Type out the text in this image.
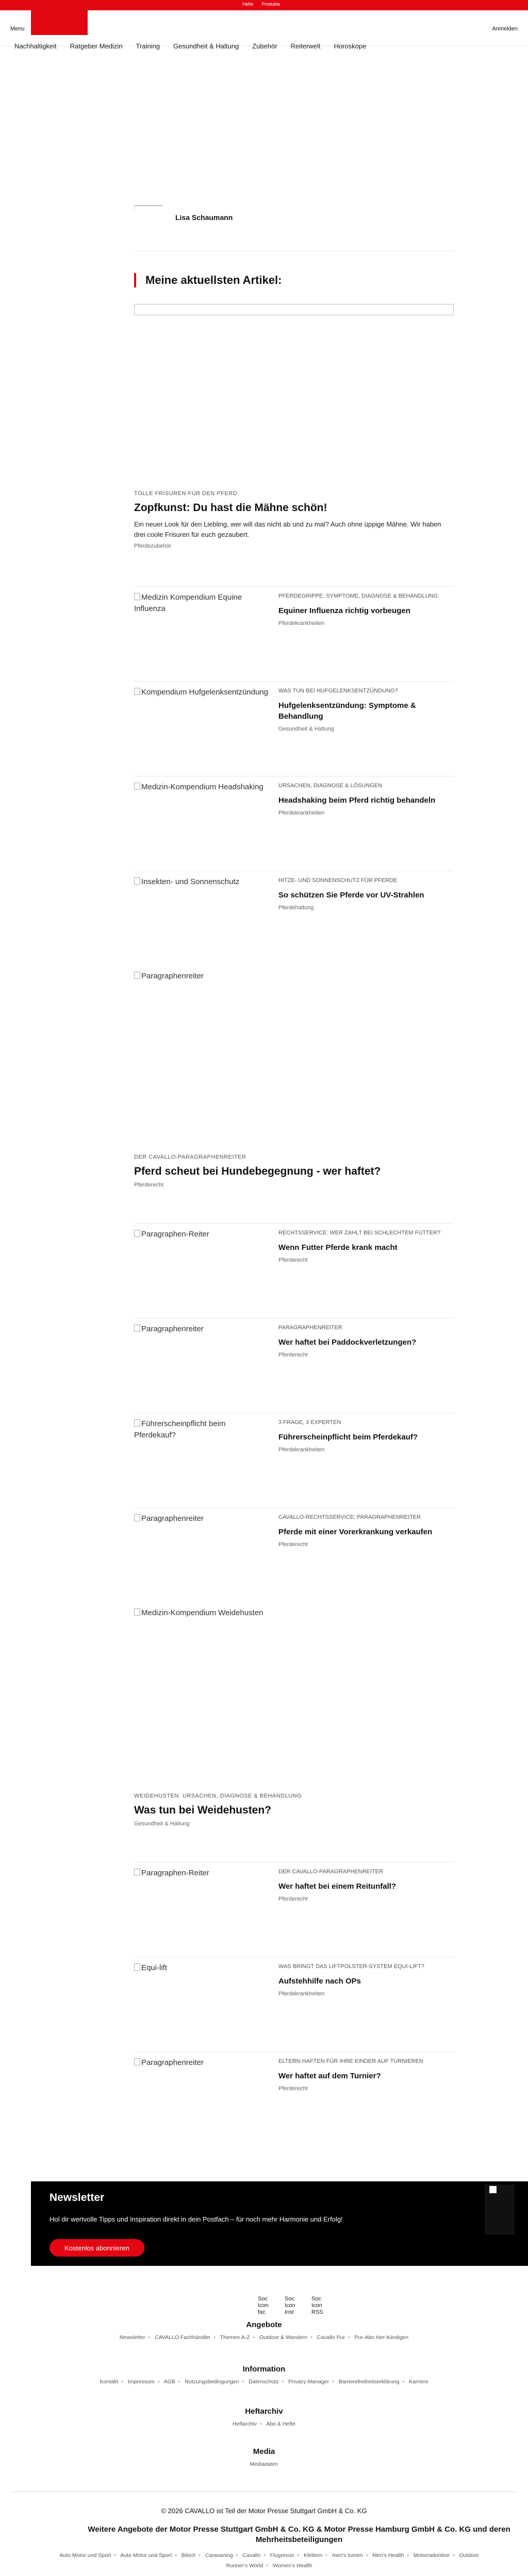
Hefte Produkte
Menu	Anmelden
Nachhaltigkeit Ratgeber Medizin Training Gesundheit & Haltung Zubehör Reiterwelt Horoskope
Lisa Schaumann
Meine aktuellsten Artikel:
TOLLE FRISUREN FÜR DEN PFERD
Zopfkunst: Du hast die Mähne schön!
Ein neuer Look für den Liebling, wer will das nicht ab und zu mal? Auch ohne üppige Mähne. Wir haben drei coole Frisuren für euch gezaubert.
Pferdezubehör
Medizin Kompendium Equine Influenza
PFERDEGRIPPE: SYMPTOME, DIAGNOSE & BEHANDLUNG
Equiner Influenza richtig vorbeugen
Pferdekrankheiten
Kompendium Hufgelenksentzündung WAS TUN BEI HUFGELENKSENTZÜNDUNG?
Hufgelenksentzündung: Symptome & Behandlung
Gesundheit & Haltung
Medizin-Kompendium Headshaking	URSACHEN, DIAGNOSE & LÖSUNGEN
Headshaking beim Pferd richtig behandeln
Pferdekrankheiten
Insekten- und Sonnenschutz	HITZE- UND SONNENSCHUTZ FÜR PFERDE
So schützen Sie Pferde vor UV-Strahlen
Pferdehaltung
Paragraphenreiter
DER CAVALLO-PARAGRAPHENREITER
Pferd scheut bei Hundebegegnung - wer haftet?
Pferderecht
Paragraphen-Reiter	RECHTSSERVICE: WER ZAHLT BEI SCHLECHTEM FUTTER?
Wenn Futter Pferde krank macht
Pferderecht
Paragraphenreiter	PARAGRAPHENREITER
Wer haftet bei Paddockverletzungen?
Pferderecht
Führerscheinpflicht beim Pferdekauf?
3 FRAGE, 3 EXPERTEN
Führerscheinpflicht beim Pferdekauf?
Pferdekrankheiten
Paragraphenreiter	CAVALLO-RECHTSSERVICE: PARAGRAPHENREITER
Pferde mit einer Vorerkrankung verkaufen
Pferderecht
Medizin-Kompendium Weidehusten
WEIDEHUSTEN: URSACHEN, DIAGNOSE & BEHANDLUNG
Was tun bei Weidehusten?
Gesundheit & Haltung
Paragraphen-Reiter	DER CAVALLO-PARAGRAPHENREITER
Wer haftet bei einem Reitunfall?
Pferderecht
Equi-lift	WAS BRINGT DAS LIFTPOLSTER-SYSTEM EQUI-LIFT?
Aufstehhilfe nach OPs
Pferdekrankheiten
Paragraphenreiter	ELTERN HAFTEN FÜR IHRE KINDER AUF TURNIEREN
Wer haftet auf dem Turnier?
Pferderecht
Newsletter
Hol dir wertvolle Tipps und Inspiration direkt in dein Postfach – für noch mehr Harmonie und Erfolg!
Kostenlos abonnieren
Soc Icon fac
Soc Icon Inst
Soc Icon RSS
Angebote
Newsletter • CAVALLO Fachhändler • Themen A-Z • Outdoor & Wandern • Cavallo Pur • Pur-Abo hier kündigen
Information
Kontakt • Impressum • AGB • Nutzungsbedingungen • Datenschutz • Privacy Manager • Barrierefreiheitserklärung • Karriere
Heftarchiv
Heftarchiv • Abo & Hefte
Media
Mediadaten
© 2026 CAVALLO ist Teil der Motor Presse Stuttgart GmbH & Co. KG
Weitere Angebote der Motor Presse Stuttgart GmbH & Co. KG & Motor Presse Hamburg GmbH & Co. KG und deren Mehrheitsbeteiligungen
Auto Motor und Sport • Auto Motor und Sport • BikeX • Caravaning • Cavallo • Flugrevue • Klettern • men's tumen • Men's Health • Motorradonline • Outdoor
Runner's World • Women's Health
